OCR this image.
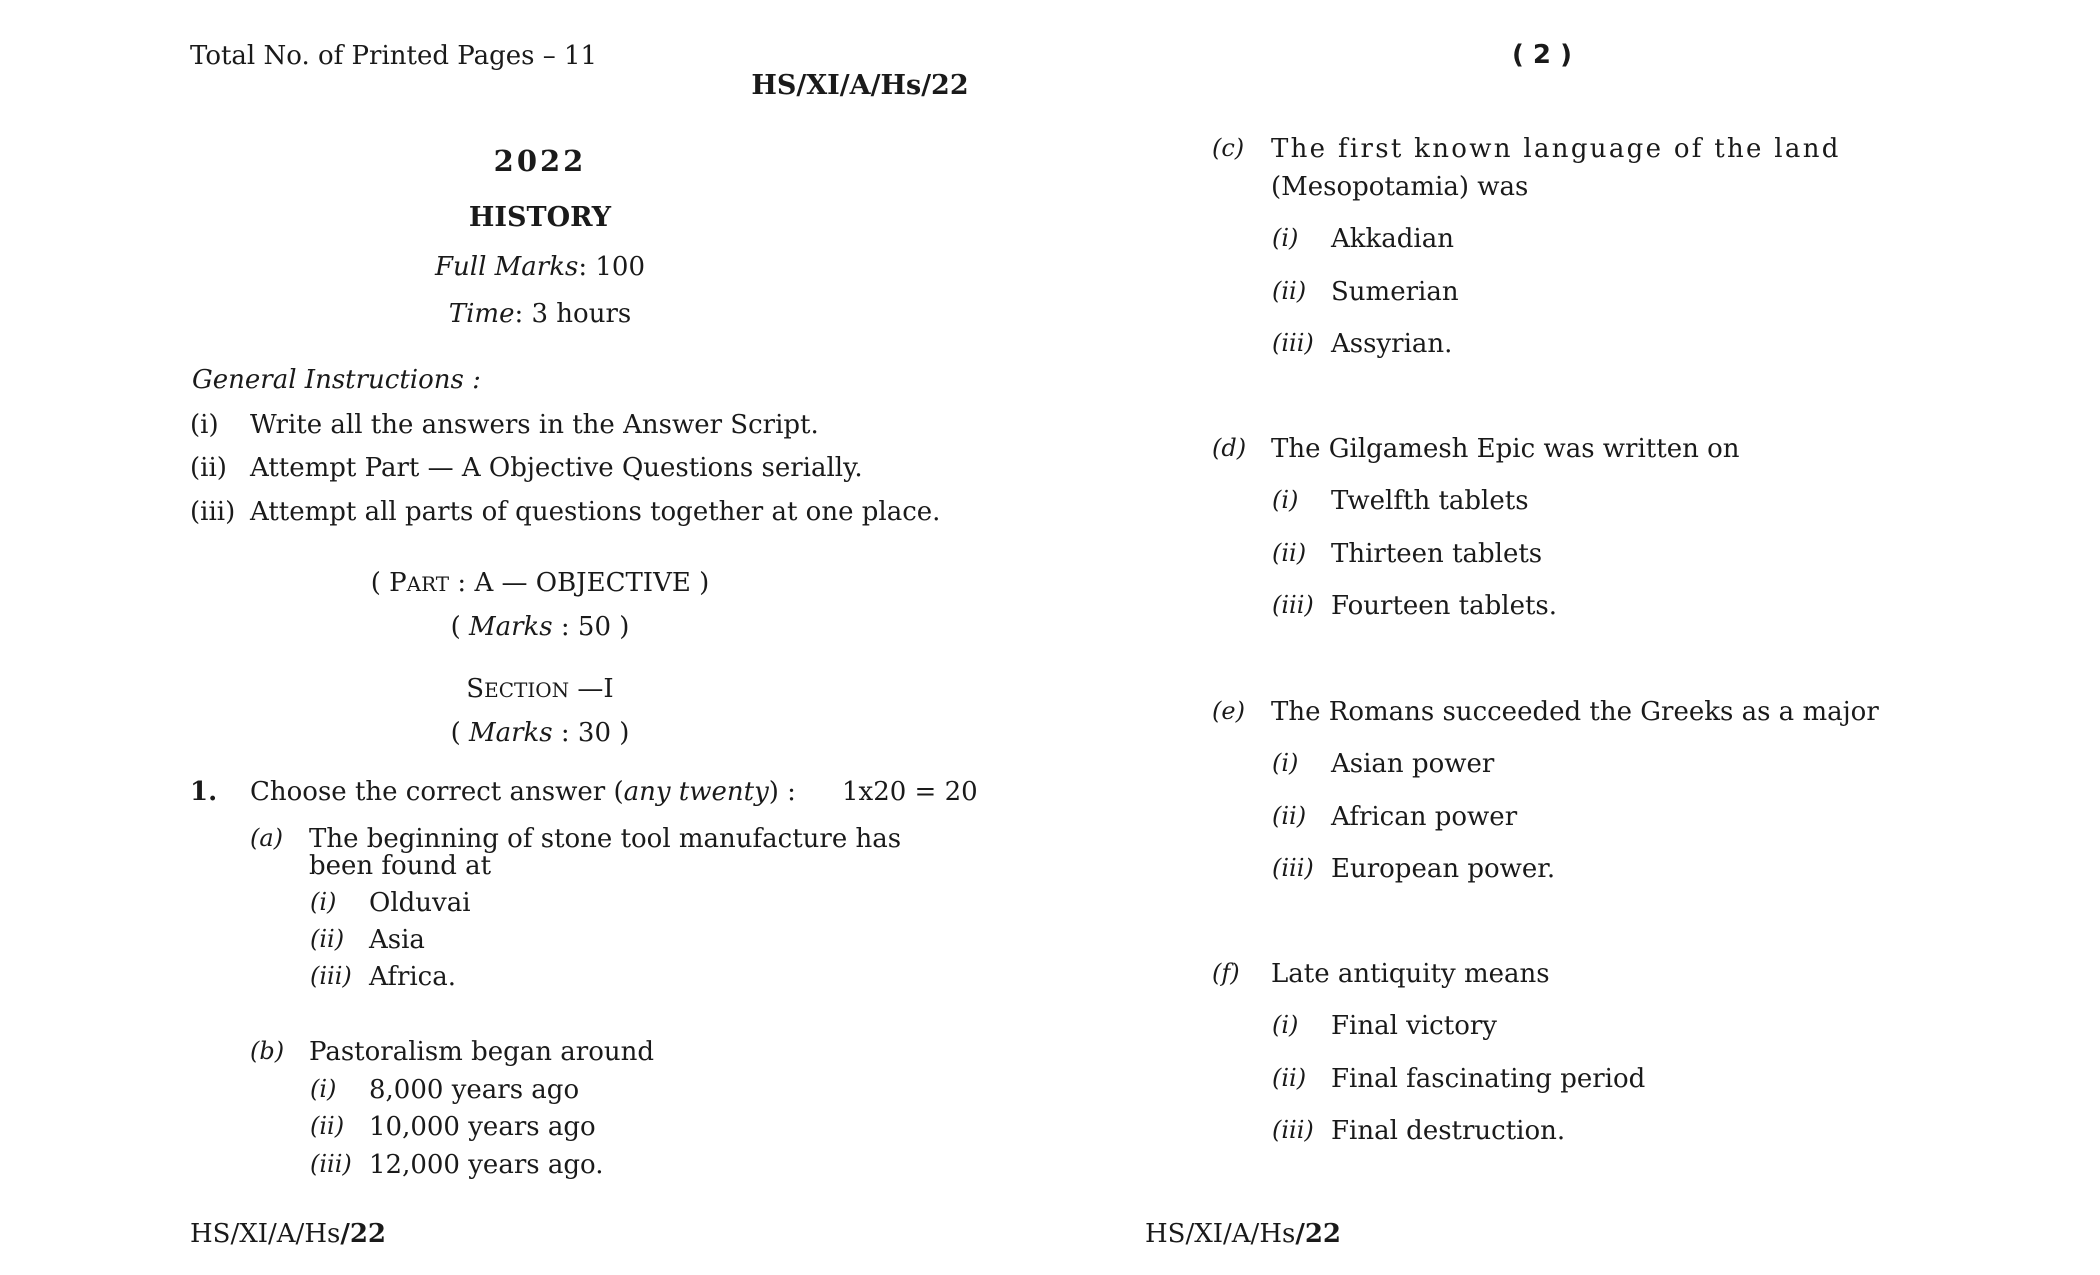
Total No. of Printed Pages – 11
HS/XI/A/Hs/22
2022
HISTORY
Full Marks: 100
Time: 3 hours
General Instructions :
(i) Write all the answers in the Answer Script.
(ii) Attempt Part — A Objective Questions serially.
(iii) Attempt all parts of questions together at one place.
( PART : A — OBJECTIVE )
( Marks : 50 )
SECTION —I
( Marks : 30 )
1. Choose the correct answer (any twenty) : 1x20 = 20
(a) The beginning of stone tool manufacture has
been found at
(i) Olduvai
(ii) Asia
(iii) Africa.
(b) Pastoralism began around
(i) 8,000 years ago
(ii) 10,000 years ago
(iii) 12,000 years ago.
HS/XI/A/Hs/22
( 2 )
(c) The first known language of the land
(Mesopotamia) was
(i) Akkadian
(ii) Sumerian
(iii) Assyrian.
(d) The Gilgamesh Epic was written on
(i) Twelfth tablets
(ii) Thirteen tablets
(iii) Fourteen tablets.
(e) The Romans succeeded the Greeks as a major
(i) Asian power
(ii) African power
(iii) European power.
(f) Late antiquity means
(i) Final victory
(ii) Final fascinating period
(iii) Final destruction.
HS/XI/A/Hs/22
